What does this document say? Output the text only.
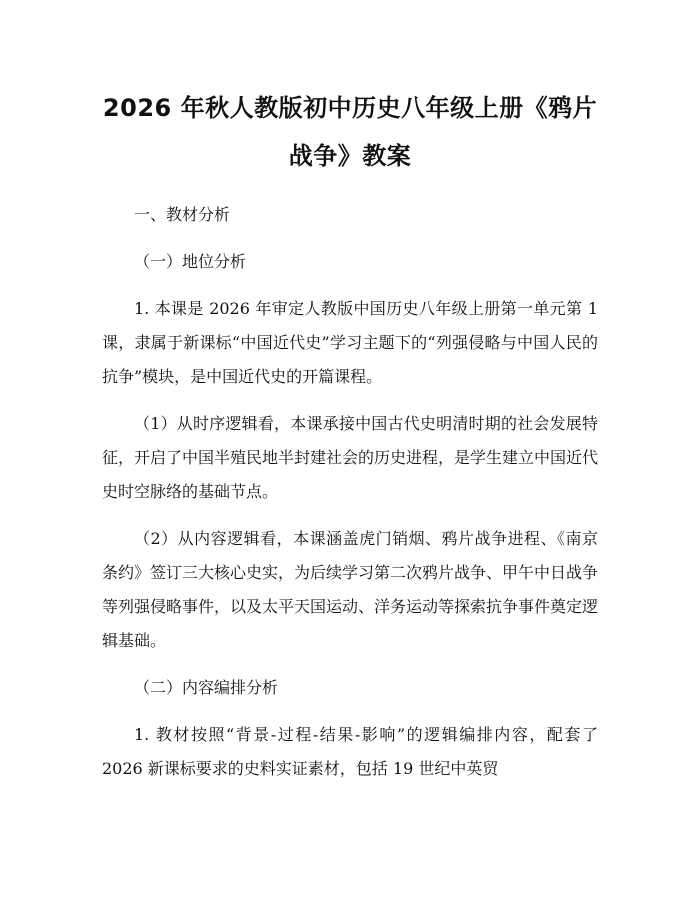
2026 年秋人教版初中历史八年级上册《鸦片
战争》教案
一、教材分析
（一）地位分析
1. 本课是 2026 年审定人教版中国历史八年级上册第一单元第 1 课，隶属于新课标“中国近代史”学习主题下的“列强侵略与中国人民的抗争”模块，是中国近代史的开篇课程。
（1）从时序逻辑看，本课承接中国古代史明清时期的社会发展特征，开启了中国半殖民地半封建社会的历史进程，是学生建立中国近代史时空脉络的基础节点。
（2）从内容逻辑看，本课涵盖虎门销烟、鸦片战争进程、《南京条约》签订三大核心史实，为后续学习第二次鸦片战争、甲午中日战争等列强侵略事件，以及太平天国运动、洋务运动等探索抗争事件奠定逻辑基础。
（二）内容编排分析
1. 教材按照“背景-过程-结果-影响”的逻辑编排内容，配套了 2026 新课标要求的史料实证素材，包括 19 世纪中英贸
